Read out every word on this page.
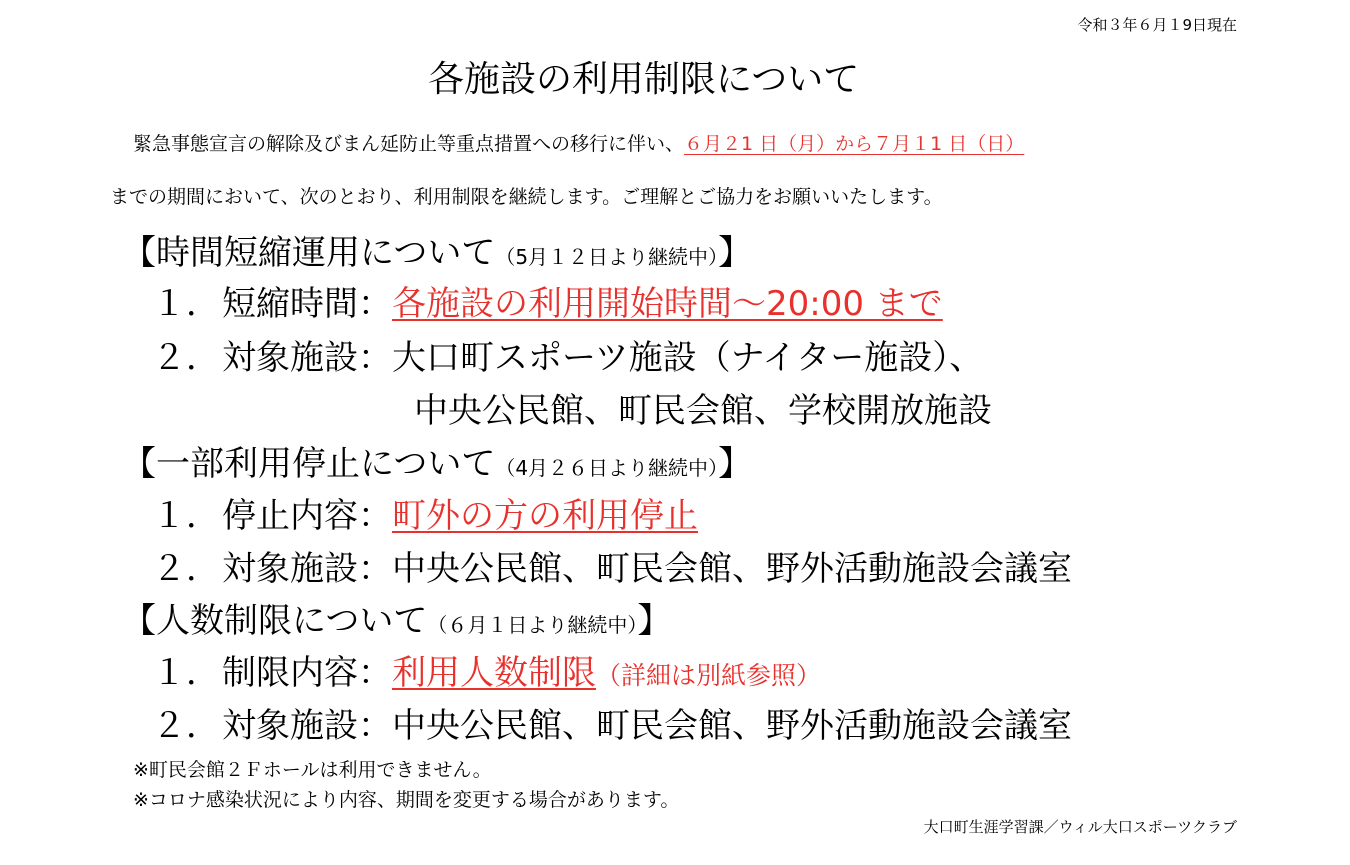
令和３年６月１9日現在
各施設の利用制限について
緊急事態宣言の解除及びまん延防止等重点措置への移行に伴い、６月２1 日（月）から７月１1 日（日）
までの期間において、次のとおり、利用制限を継続します。ご理解とご協力をお願いいたします。
【時間短縮運用について（5月１２日より継続中）】
１．短縮時間：各施設の利用開始時間～20:00 まで
２．対象施設：大口町スポーツ施設（ナイター施設）、
中央公民館、町民会館、学校開放施設
【一部利用停止について（4月２６日より継続中）】
１．停止内容：町外の方の利用停止
２．対象施設：中央公民館、町民会館、野外活動施設会議室
【人数制限について（６月１日より継続中）】
１．制限内容：利用人数制限（詳細は別紙参照）
２．対象施設：中央公民館、町民会館、野外活動施設会議室
※町民会館２Ｆホールは利用できません。
※コロナ感染状況により内容、期間を変更する場合があります。
大口町生涯学習課／ウィル大口スポーツクラブ
